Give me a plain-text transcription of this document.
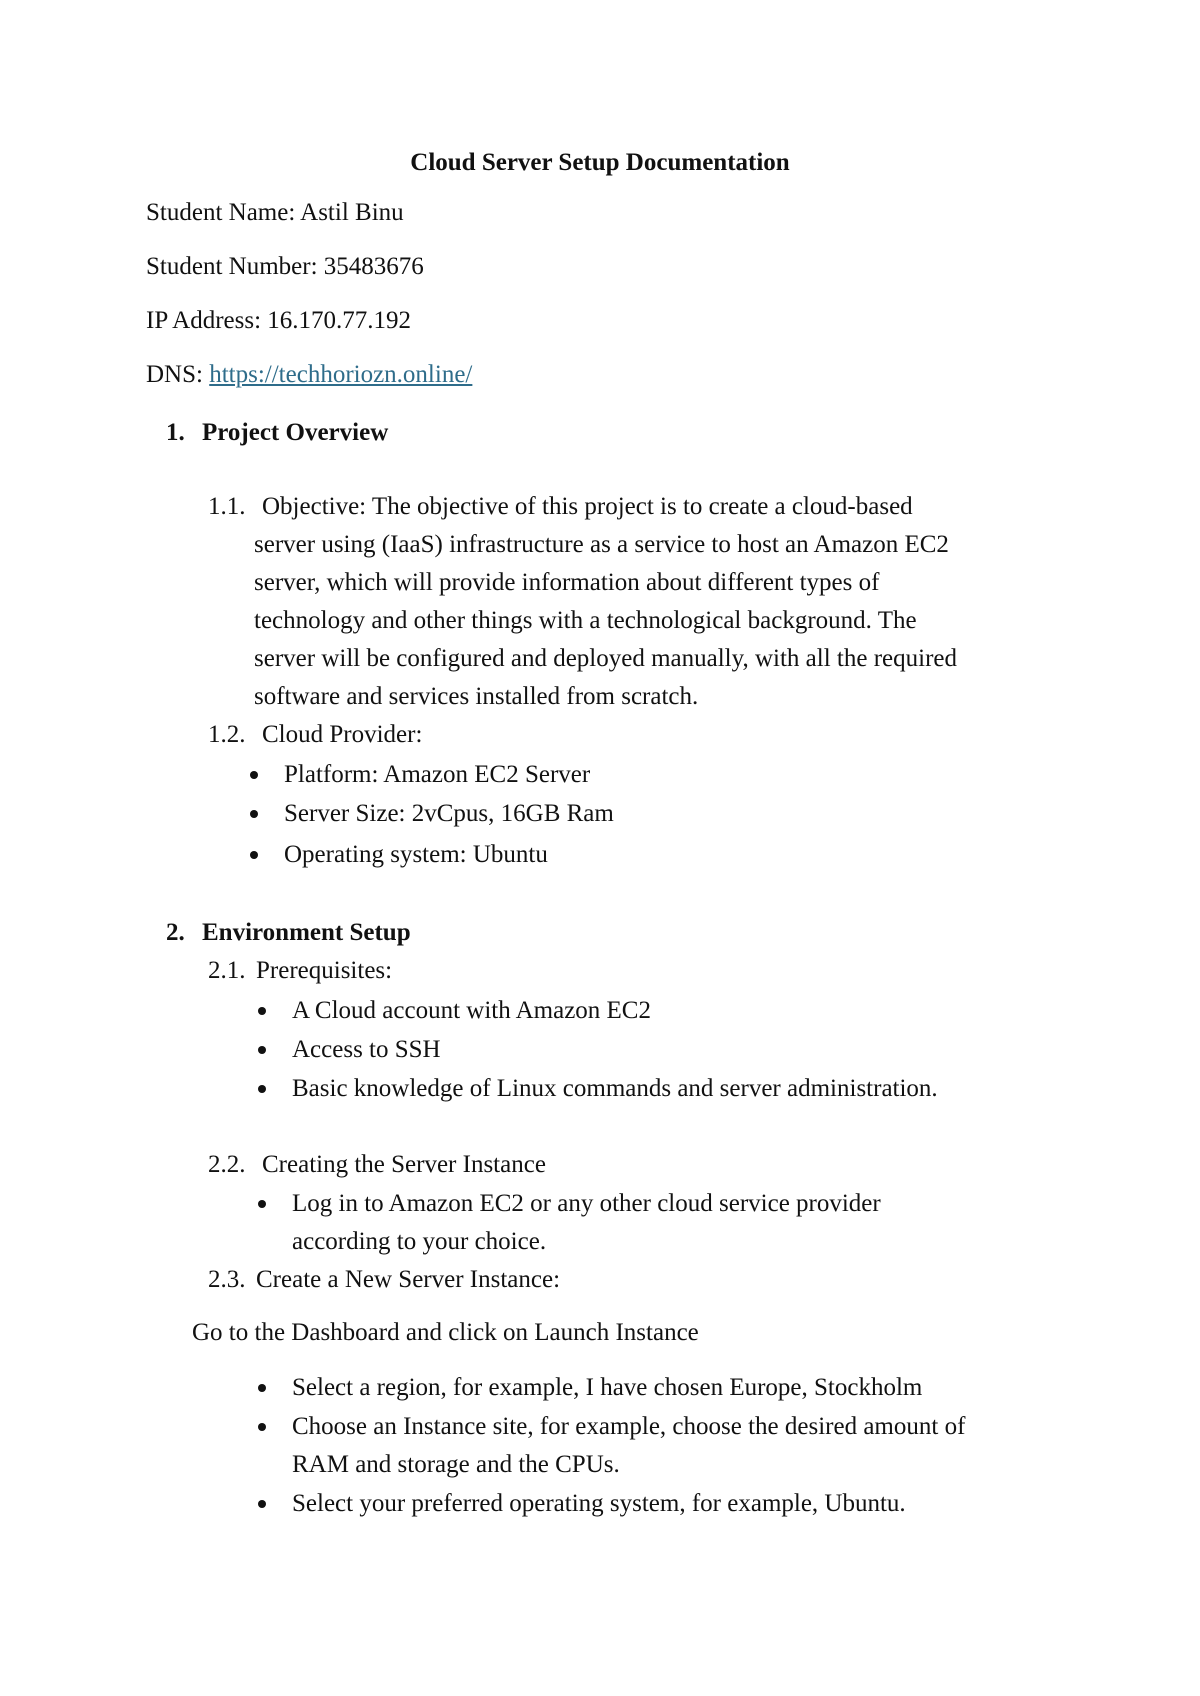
Cloud Server Setup Documentation
Student Name: Astil Binu
Student Number: 35483676
IP Address: 16.170.77.192
DNS: https://techhoriozn.online/
1. Project Overview
1.1. Objective: The objective of this project is to create a cloud-based
server using (IaaS) infrastructure as a service to host an Amazon EC2
server, which will provide information about different types of
technology and other things with a technological background. The
server will be configured and deployed manually, with all the required
software and services installed from scratch.
1.2. Cloud Provider:
Platform: Amazon EC2 Server
Server Size: 2vCpus, 16GB Ram
Operating system: Ubuntu
2. Environment Setup
2.1. Prerequisites:
A Cloud account with Amazon EC2
Access to SSH
Basic knowledge of Linux commands and server administration.
2.2. Creating the Server Instance
Log in to Amazon EC2 or any other cloud service provider
according to your choice.
2.3. Create a New Server Instance:
Go to the Dashboard and click on Launch Instance
Select a region, for example, I have chosen Europe, Stockholm
Choose an Instance site, for example, choose the desired amount of
RAM and storage and the CPUs.
Select your preferred operating system, for example, Ubuntu.
